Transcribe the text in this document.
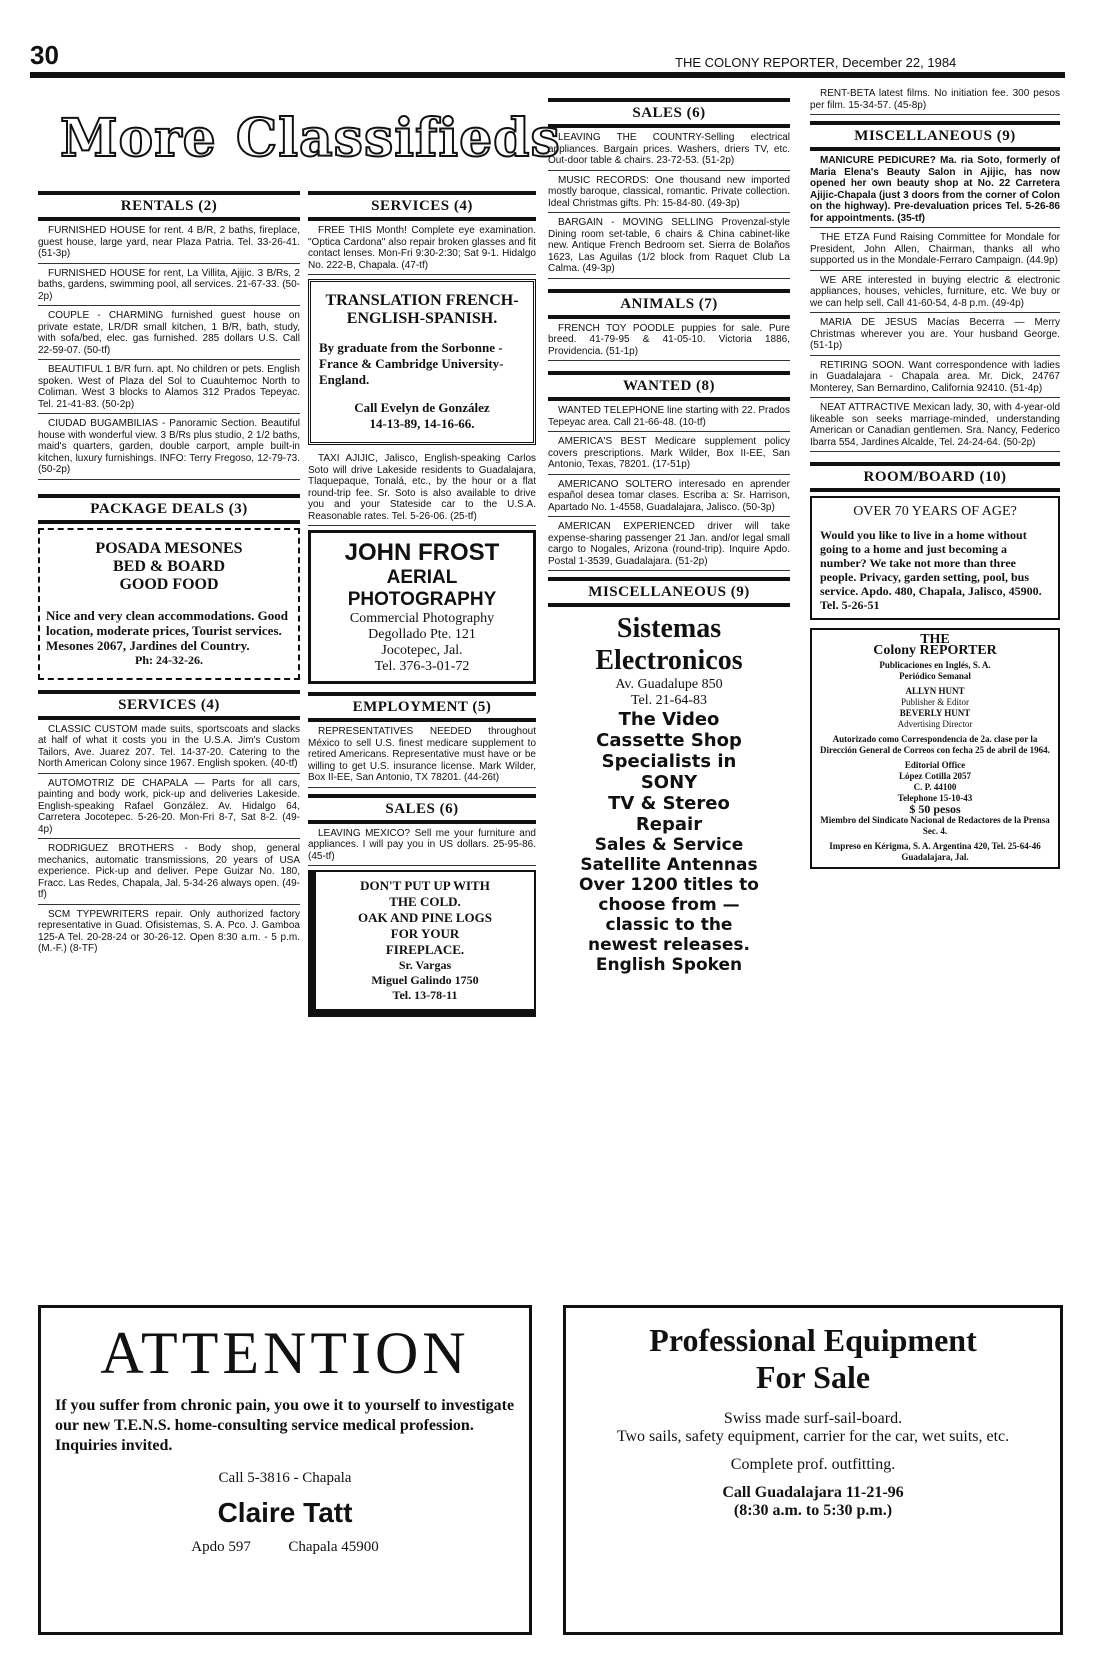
30	THE COLONY REPORTER, December 22, 1984
More Classifieds
RENTALS (2)
FURNISHED HOUSE for rent. 4 B/R, 2 baths, fireplace, guest house, large yard, near Plaza Patria. Tel. 33-26-41. (51-3p)
FURNISHED HOUSE for rent, La Villita, Ajijic. 3 B/Rs, 2 baths, gardens, swimming pool, all services. 21-67-33. (50-2p)
COUPLE - CHARMING furnished guest house on private estate, LR/DR small kitchen, 1 B/R, bath, study, with sofa/bed, elec. gas furnished. 285 dollars U.S. Call 22-59-07. (50-tf)
BEAUTIFUL 1 B/R furn. apt. No children or pets. English spoken. West of Plaza del Sol to Cuauhtemoc North to Coliman. West 3 blocks to Alamos 312 Prados Tepeyac. Tel. 21-41-83. (50-2p)
CIUDAD BUGAMBILIAS - Panoramic Section. Beautiful house with wonderful view. 3 B/Rs plus studio, 2 1/2 baths, maid's quarters, garden, double carport, ample built-in kitchen, luxury furnishings. INFO: Terry Fregoso, 12-79-73. (50-2p)
PACKAGE DEALS (3)
POSADA MESONES
BED & BOARD
GOOD FOOD
Nice and very clean accommodations. Good location, moderate prices, Tourist services. Mesones 2067, Jardines del Country.
Ph: 24-32-26.
SERVICES (4)
CLASSIC CUSTOM made suits, sportscoats and slacks at half of what it costs you in the U.S.A. Jim's Custom Tailors, Ave. Juarez 207. Tel. 14-37-20. Catering to the North American Colony since 1967. English spoken. (40-tf)
AUTOMOTRIZ DE CHAPALA — Parts for all cars, painting and body work, pick-up and deliveries Lakeside. English-speaking Rafael González. Av. Hidalgo 64, Carretera Jocotepec. 5-26-20. Mon-Fri 8-7, Sat 8-2. (49-4p)
RODRIGUEZ BROTHERS - Body shop, general mechanics, automatic transmissions, 20 years of USA experience. Pick-up and deliver. Pepe Guizar No. 180, Fracc. Las Redes, Chapala, Jal. 5-34-26 always open. (49-tf)
SCM TYPEWRITERS repair. Only authorized factory representative in Guad. Ofisistemas, S. A. Pco. J. Gamboa 125-A Tel. 20-28-24 or 30-26-12. Open 8:30 a.m. - 5 p.m. (M.-F.) (8-TF)
SERVICES (4)
FREE THIS Month! Complete eye examination. "Optica Cardona" also repair broken glasses and fit contact lenses. Mon-Fri 9:30-2:30; Sat 9-1. Hidalgo No. 222-B, Chapala. (47-tf)
TRANSLATION FRENCH-ENGLISH-SPANISH.
By graduate from the Sorbonne - France & Cambridge University-England.
Call Evelyn de González
14-13-89, 14-16-66.
TAXI AJIJIC, Jalisco, English-speaking Carlos Soto will drive Lakeside residents to Guadalajara, Tlaquepaque, Tonalá, etc., by the hour or a flat round-trip fee. Sr. Soto is also available to drive you and your Stateside car to the U.S.A. Reasonable rates. Tel. 5-26-06. (25-tf)
JOHN FROST
AERIAL
PHOTOGRAPHY
Commercial Photography
Degollado Pte. 121
Jocotepec, Jal.
Tel. 376-3-01-72
EMPLOYMENT (5)
REPRESENTATIVES NEEDED throughout México to sell U.S. finest medicare supplement to retired Americans. Representative must have or be willing to get U.S. insurance license. Mark Wilder, Box II-EE, San Antonio, TX 78201. (44-26t)
SALES (6)
LEAVING MEXICO? Sell me your furniture and appliances. I will pay you in US dollars. 25-95-86. (45-tf)
DON'T PUT UP WITH
THE COLD.
OAK AND PINE LOGS
FOR YOUR
FIREPLACE.
Sr. Vargas
Miguel Galindo 1750
Tel. 13-78-11
SALES (6)
LEAVING THE COUNTRY-Selling electrical appliances. Bargain prices. Washers, driers TV, etc. Out-door table & chairs. 23-72-53. (51-2p)
MUSIC RECORDS: One thousand new imported mostly baroque, classical, romantic. Private collection. Ideal Christmas gifts. Ph: 15-84-80. (49-3p)
BARGAIN - MOVING SELLING Provenzal-style Dining room set-table, 6 chairs & China cabinet-like new. Antique French Bedroom set. Sierra de Bolaños 1623, Las Aguilas (1/2 block from Raquet Club La Calma. (49-3p)
ANIMALS (7)
FRENCH TOY POODLE puppies for sale. Pure breed. 41-79-95 & 41-05-10. Victoria 1886, Providencia. (51-1p)
WANTED (8)
WANTED TELEPHONE line starting with 22. Prados Tepeyac area. Call 21-66-48. (10-tf)
AMERICA'S BEST Medicare supplement policy covers prescriptions. Mark Wilder, Box II-EE, San Antonio, Texas, 78201. (17-51p)
AMERICANO SOLTERO interesado en aprender español desea tomar clases. Escriba a: Sr. Harrison, Apartado No. 1-4558, Guadalajara, Jalisco. (50-3p)
AMERICAN EXPERIENCED driver will take expense-sharing passenger 21 Jan. and/or legal small cargo to Nogales, Arizona (round-trip). Inquire Apdo. Postal 1-3539, Guadalajara. (51-2p)
MISCELLANEOUS (9)
Sistemas
Electronicos
Av. Guadalupe 850
Tel. 21-64-83
The Video
Cassette Shop
Specialists in
SONY
TV & Stereo
Repair
Sales & Service
Satellite Antennas
Over 1200 titles to
choose from —
classic to the
newest releases.
English Spoken
RENT-BETA latest films. No initiation fee. 300 pesos per film. 15-34-57. (45-8p)
MISCELLANEOUS (9)
MANICURE PEDICURE? Ma. ria Soto, formerly of Maria Elena's Beauty Salon in Ajijic, has now opened her own beauty shop at No. 22 Carretera Ajijic-Chapala (just 3 doors from the corner of Colon on the highway). Pre-devaluation prices Tel. 5-26-86 for appointments. (35-tf)
THE ETZA Fund Raising Committee for Mondale for President, John Allen, Chairman, thanks all who supported us in the Mondale-Ferraro Campaign. (44.9p)
WE ARE interested in buying electric & electronic appliances, houses, vehicles, furniture, etc. We buy or we can help sell. Call 41-60-54, 4-8 p.m. (49-4p)
MARIA DE JESUS Macías Becerra — Merry Christmas wherever you are. Your husband George. (51-1p)
RETIRING SOON. Want correspondence with ladies in Guadalajara - Chapala area. Mr. Dick, 24767 Monterey, San Bernardino, California 92410. (51-4p)
NEAT ATTRACTIVE Mexican lady, 30, with 4-year-old likeable son seeks marriage-minded, understanding American or Canadian gentlemen. Sra. Nancy, Federico Ibarra 554, Jardines Alcalde, Tel. 24-24-64. (50-2p)
ROOM/BOARD (10)
OVER 70 YEARS OF AGE?
Would you like to live in a home without going to a home and just becoming a number? We take not more than three people. Privacy, garden setting, pool, bus service. Apdo. 480, Chapala, Jalisco, 45900. Tel. 5-26-51
THE
Colony REPORTER
Publicaciones en Inglés, S. A.
Periódico Semanal
ALLYN HUNT
Publisher & Editor
BEVERLY HUNT
Advertising Director
Autorizado como Correspondencia de 2a. clase por la Dirección General de Correos con fecha 25 de abril de 1964.
Editorial Office
López Cotilla 2057
C. P. 44100
Telephone 15-10-43
$ 50 pesos
Miembro del Sindicato Nacional de Redactores de la Prensa Sec. 4.
Impreso en Kérigma, S. A. Argentina 420, Tel. 25-64-46 Guadalajara, Jal.
ATTENTION
If you suffer from chronic pain, you owe it to yourself to investigate our new T.E.N.S. home-consulting service medical profession. Inquiries invited.
Call 5-3816 - Chapala
Claire Tatt
Apdo 597	Chapala 45900
Professional Equipment
For Sale
Swiss made surf-sail-board.
Two sails, safety equipment, carrier for the car, wet suits, etc.
Complete prof. outfitting.
Call Guadalajara 11-21-96
(8:30 a.m. to 5:30 p.m.)
